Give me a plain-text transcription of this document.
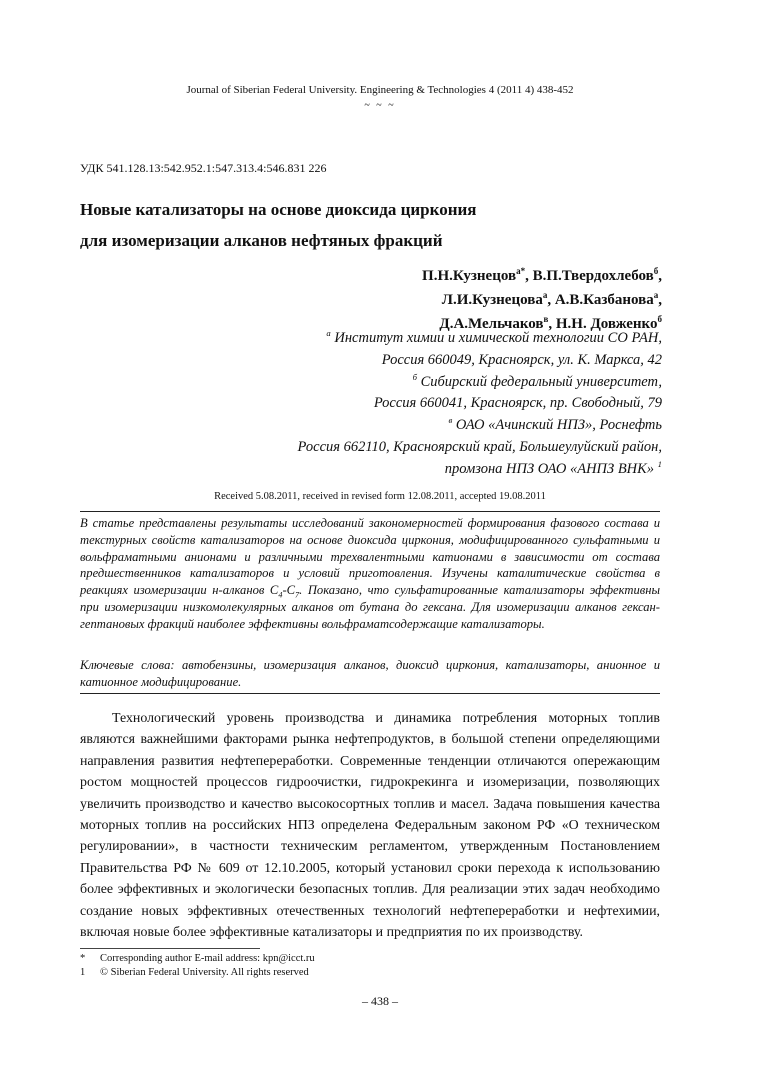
Journal of Siberian Federal University. Engineering & Technologies 4 (2011 4) 438-452
~ ~ ~
УДК 541.128.13:542.952.1:547.313.4:546.831 226
Новые катализаторы на основе диоксида циркония
для изомеризации алканов нефтяных фракций
П.Н.Кузнецов$^{а*}$, В.П.Твердохлебов$^б$,
Л.И.Кузнецова$^а$, А.В.Казбанова$^а$,
Д.А.Мельчаков$^в$, Н.Н. Довженко$^б$
$^а$ Институт химии и химической технологии СО РАН,
Россия 660049, Красноярск, ул. К. Маркса, 42
$^б$ Сибирский федеральный университет,
Россия 660041, Красноярск, пр. Свободный, 79
$^в$ ОАО «Ачинский НПЗ», Роснефть
Россия 662110, Красноярский край, Большеулуйский район,
промзона НПЗ ОАО «АНПЗ ВНК» $^1$
Received 5.08.2011, received in revised form 12.08.2011, accepted 19.08.2011
В статье представлены результаты исследований закономерностей формирования фазового состава и текстурных свойств катализаторов на основе диоксида циркония, модифицированного сульфатными и вольфраматными анионами и различными трехвалентными катионами в зависимости от состава предшественников катализаторов и условий приготовления. Изучены каталитические свойства в реакциях изомеризации н-алканов $С_4-С_7$. Показано, что сульфатированные катализаторы эффективны при изомеризации низкомолекулярных алканов от бутана до гексана. Для изомеризации алканов гексан-гептановых фракций наиболее эффективны вольфраматсодержащие катализаторы.
Ключевые слова: автобензины, изомеризация алканов, диоксид циркония, катализаторы, анионное и катионное модифицирование.
Технологический уровень производства и динамика потребления моторных топлив являются важнейшими факторами рынка нефтепродуктов, в большой степени определяющими направления развития нефтепереработки. Современные тенденции отличаются опережающим ростом мощностей процессов гидроочистки, гидрокрекинга и изомеризации, позволяющих увеличить производство и качество высокосортных топлив и масел. Задача повышения качества моторных топлив на российских НПЗ определена Федеральным законом РФ «О техническом регулировании», в частности техническим регламентом, утвержденным Постановлением Правительства РФ № 609 от 12.10.2005, который установил сроки перехода к использованию более эффективных и экологически безопасных топлив. Для реализации этих задач необходимо создание новых эффективных отечественных технологий нефтепереработки и нефтехимии, включая новые более эффективные катализаторы и предприятия по их производству.
* Corresponding author E-mail address: kpn@icct.ru
1 © Siberian Federal University. All rights reserved
– 438 –
